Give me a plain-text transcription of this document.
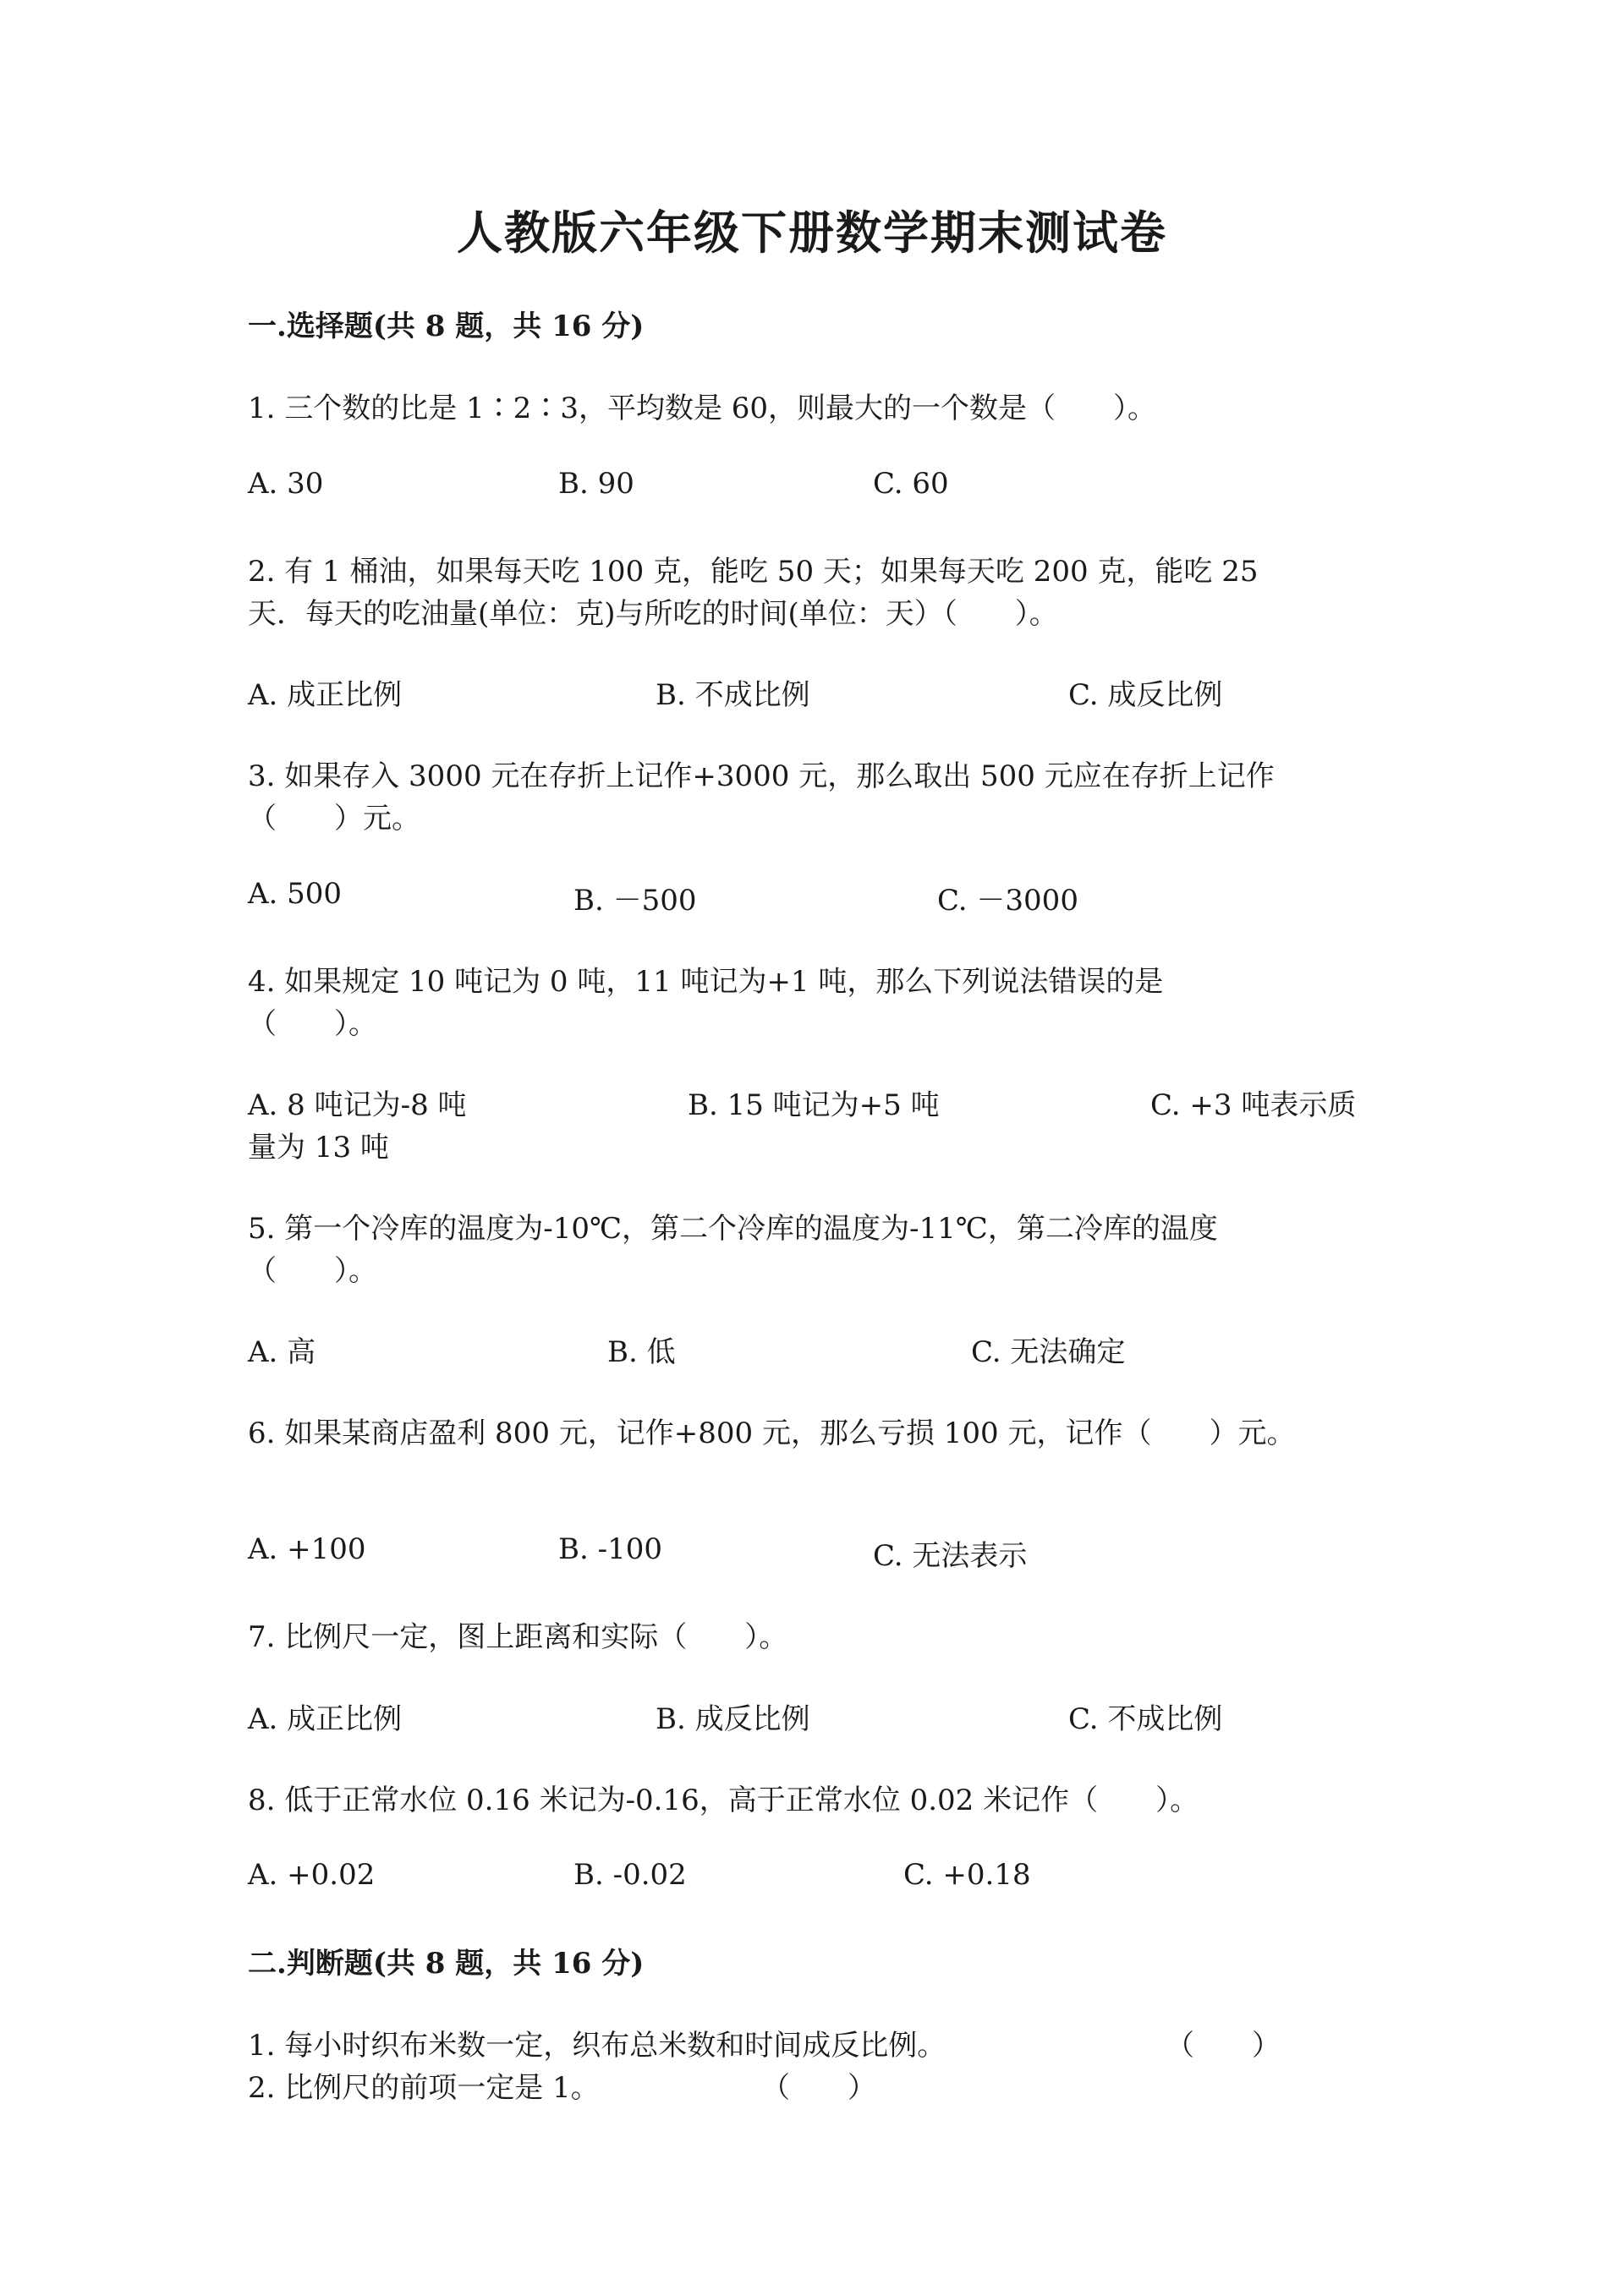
人教版六年级下册数学期末测试卷
一.选择题(共 8 题，共 16 分)
1. 三个数的比是 1∶2∶3，平均数是 60，则最大的一个数是（　　）。
A. 30	B. 90	C. 60
2. 有 1 桶油，如果每天吃 100 克，能吃 50 天；如果每天吃 200 克，能吃 25
天．每天的吃油量(单位：克)与所吃的时间(单位：天）（　　）。
A. 成正比例	B. 不成比例	C. 成反比例
3. 如果存入 3000 元在存折上记作+3000 元，那么取出 500 元应在存折上记作
（　　）元。
A. 500	B. －500	C. －3000
4. 如果规定 10 吨记为 0 吨，11 吨记为+1 吨，那么下列说法错误的是
（　　）。
A. 8 吨记为-8 吨	B. 15 吨记为+5 吨	C. +3 吨表示质
量为 13 吨
5. 第一个冷库的温度为-10℃，第二个冷库的温度为-11℃，第二冷库的温度
（　　）。
A. 高	B. 低	C. 无法确定
6. 如果某商店盈利 800 元，记作+800 元，那么亏损 100 元，记作（　　）元。
A. +100	B. -100	C. 无法表示
7. 比例尺一定，图上距离和实际（　　）。
A. 成正比例	B. 成反比例	C. 不成比例
8. 低于正常水位 0.16 米记为-0.16，高于正常水位 0.02 米记作（　　）。
A. +0.02	B. -0.02	C. +0.18
二.判断题(共 8 题，共 16 分)
1. 每小时织布米数一定，织布总米数和时间成反比例。	（　　）
2. 比例尺的前项一定是 1。	（　　）
